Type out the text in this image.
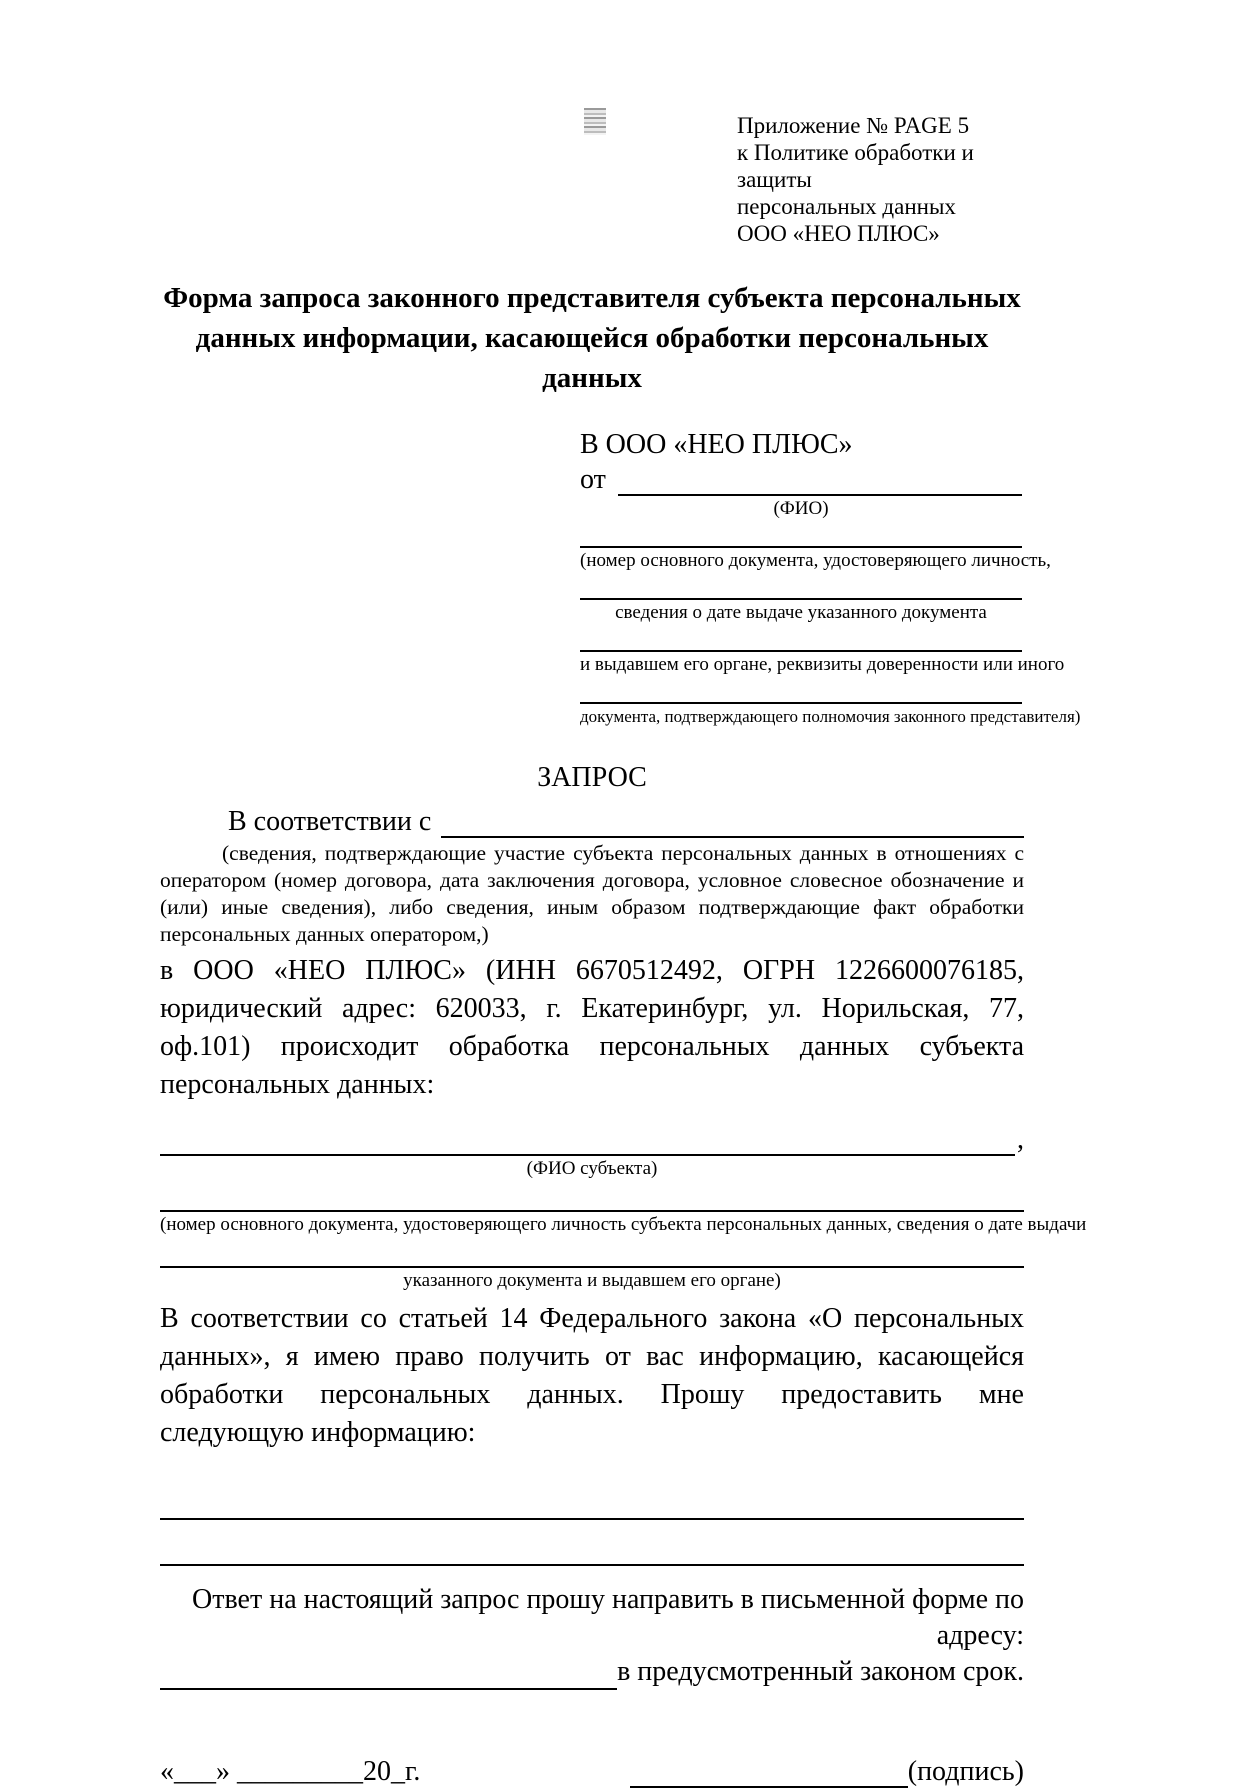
Приложение № PAGE 5
к Политике обработки и защиты
персональных данных
ООО «НЕО ПЛЮС»
Форма запроса законного представителя субъекта персональных данных информации, касающейся обработки персональных данных
В ООО «НЕО ПЛЮС»
от
(ФИО)
(номер основного документа, удостоверяющего личность,
сведения о дате выдаче указанного документа
и выдавшем его органе, реквизиты доверенности или иного
документа, подтверждающего полномочия законного представителя)
ЗАПРОС
В соответствии с

(сведения, подтверждающие участие субъекта персональных данных в отношениях с оператором (номер договора, дата заключения договора, условное словесное обозначение и (или) иные сведения), либо сведения, иным образом подтверждающие факт обработки персональных данных оператором,)

в ООО «НЕО ПЛЮС» (ИНН 6670512492, ОГРН 1226600076185, юридический адрес: 620033, г. Екатеринбург, ул. Норильская, 77, оф.101) происходит обработка персональных данных субъекта персональных данных:

,
(ФИО субъекта)
(номер основного документа, удостоверяющего личность субъекта персональных данных, сведения о дате выдачи
указанного документа и выдавшем его органе)

В соответствии со статьей 14 Федерального закона «О персональных данных», я имею право получить от вас информацию, касающейся обработки персональных данных. Прошу предоставить мне следующую информацию:

Ответ на настоящий запрос прошу направить в письменной форме по адресу:
в предусмотренный законом срок.
«___» _________20_г.	(подпись)
